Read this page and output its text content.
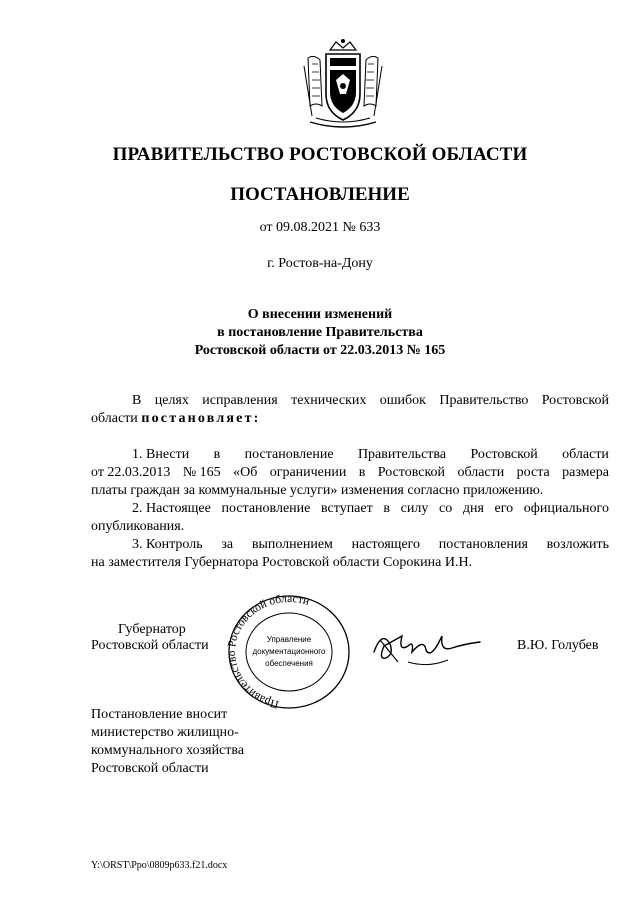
ПРАВИТЕЛЬСТВО РОСТОВСКОЙ ОБЛАСТИ
ПОСТАНОВЛЕНИЕ
от 09.08.2021 № 633
г. Ростов-на-Дону
О внесении изменений
в постановление Правительства
Ростовской области от 22.03.2013 № 165
В целях исправления технических ошибок Правительство Ростовской
области постановляет:
1. Внести в постановление Правительства Ростовской области
от 22.03.2013 № 165 «Об ограничении в Ростовской области роста размера
платы граждан за коммунальные услуги» изменения согласно приложению.
2. Настоящее постановление вступает в силу со дня его официального
опубликования.
3. Контроль за выполнением настоящего постановления возложить
на заместителя Губернатора Ростовской области Сорокина И.Н.
Губернатор
Ростовской области
Правительство Ростовской области
Управление
документационного
обеспечения
В.Ю. Голубев
Постановление вносит
министерство жилищно-
коммунального хозяйства
Ростовской области
Y:\ORST\Ppo\0809p633.f21.docx
